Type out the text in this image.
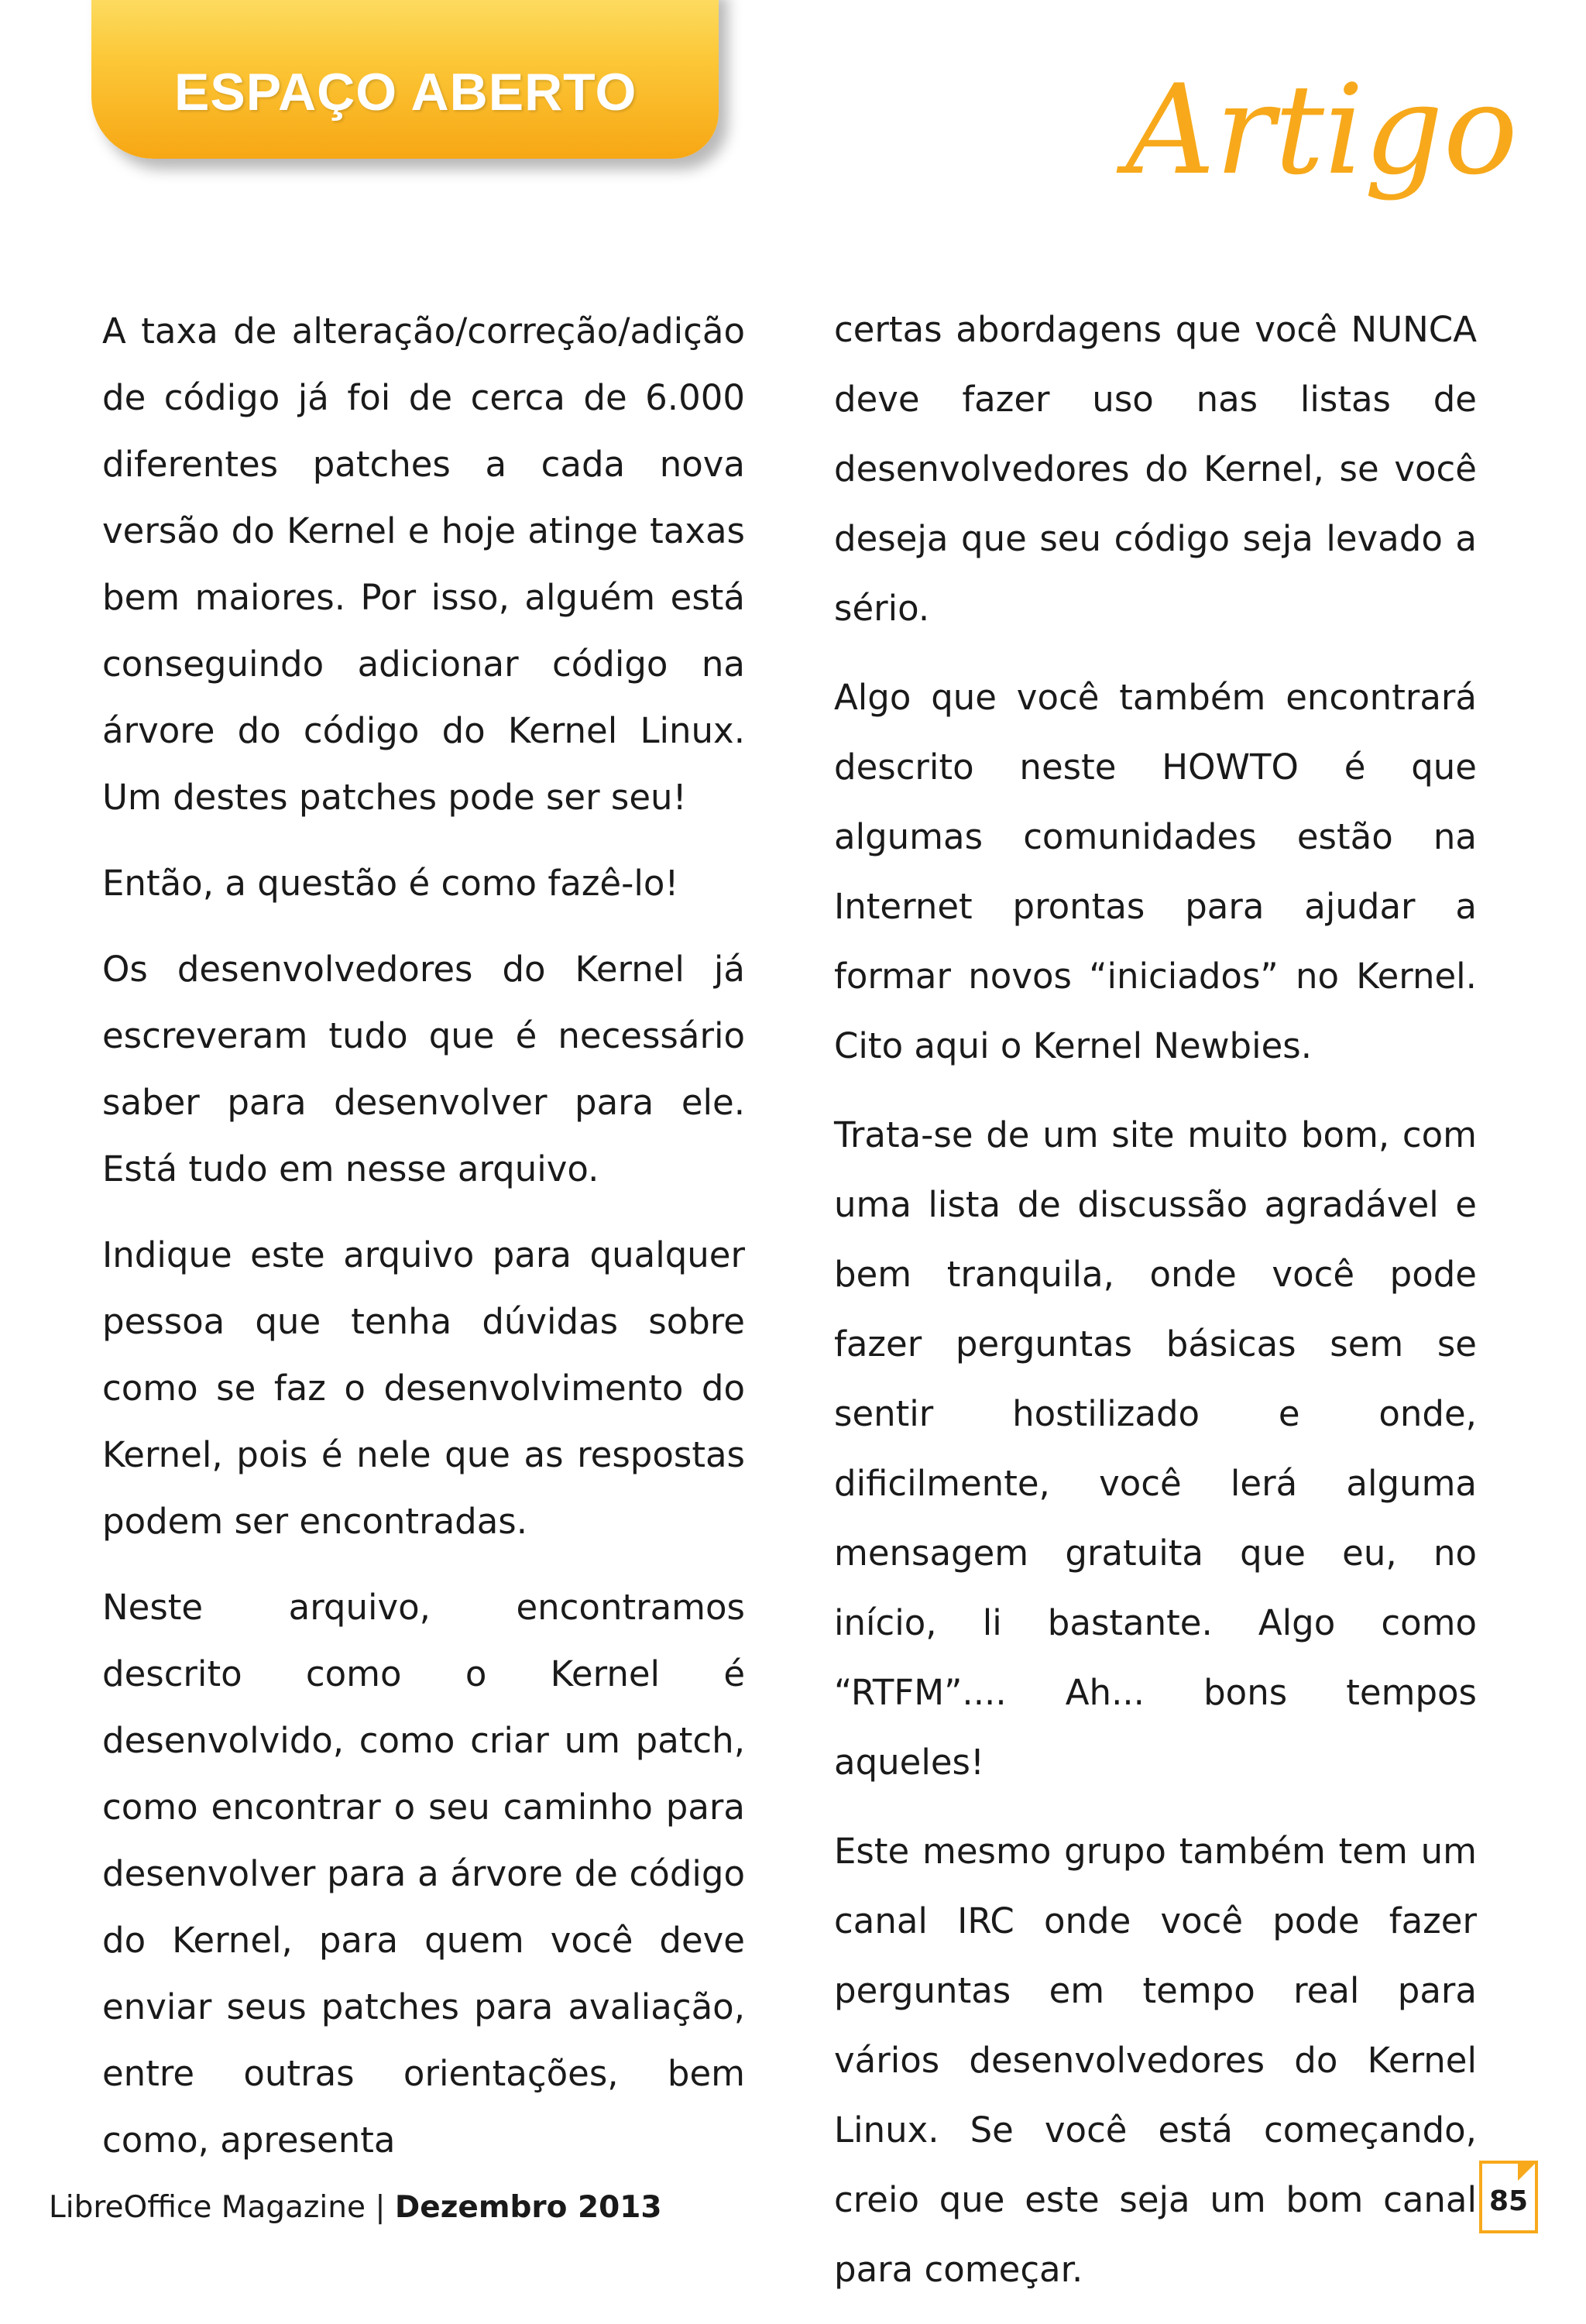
ESPAÇO ABERTO	Artigo

A taxa de alteração/correção/adição de código já foi de cerca de 6.000 diferentes patches a cada nova versão do Kernel e hoje atinge taxas bem maiores. Por isso, alguém está conseguindo adicionar código na árvore do código do Kernel Linux. Um destes patches pode ser seu!

Então, a questão é como fazê-lo!

Os desenvolvedores do Kernel já escreveram tudo que é necessário saber para desenvolver para ele. Está tudo em nesse arquivo.

Indique este arquivo para qualquer pessoa que tenha dúvidas sobre como se faz o desenvolvimento do Kernel, pois é nele que as respostas podem ser encontradas.

Neste arquivo, encontramos descrito como o Kernel é desenvolvido, como criar um patch, como encontrar o seu caminho para desenvolver para a árvore de código do Kernel, para quem você deve enviar seus patches para avaliação, entre outras orientações, bem como, apresenta

certas abordagens que você NUNCA deve fazer uso nas listas de desenvolvedores do Kernel, se você deseja que seu código seja levado a sério.

Algo que você também encontrará descrito neste HOWTO é que algumas comunidades estão na Internet prontas para ajudar a formar novos “iniciados” no Kernel. Cito aqui o Kernel Newbies.

Trata-se de um site muito bom, com uma lista de discussão agradável e bem tranquila, onde você pode fazer perguntas básicas sem se sentir hostilizado e onde, dificilmente, você lerá alguma mensagem gratuita que eu, no início, li bastante. Algo como “RTFM”.... Ah... bons tempos aqueles!

Este mesmo grupo também tem um canal IRC onde você pode fazer perguntas em tempo real para vários desenvolvedores do Kernel Linux. Se você está começando, creio que este seja um bom canal para começar.

LibreOffice Magazine | Dezembro 2013	85
